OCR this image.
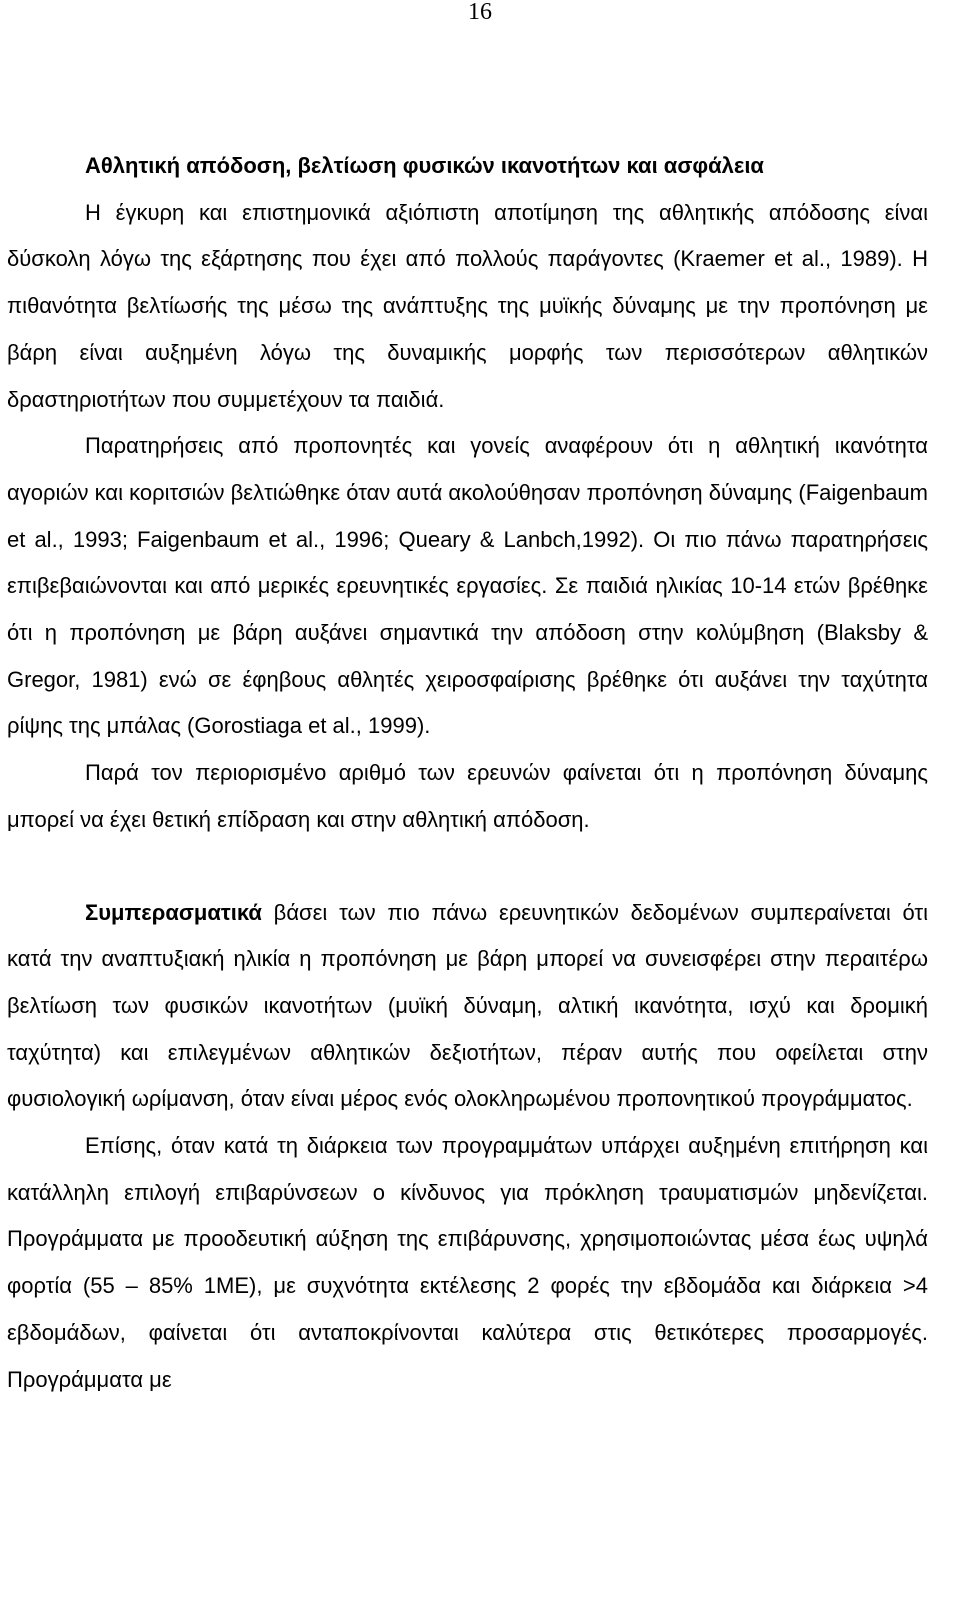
16

Αθλητική απόδοση, βελτίωση φυσικών ικανοτήτων και ασφάλεια

Η έγκυρη και επιστημονικά αξιόπιστη αποτίμηση της αθλητικής απόδοσης είναι δύσκολη λόγω της εξάρτησης που έχει από πολλούς παράγοντες (Kraemer et al., 1989). Η πιθανότητα βελτίωσής της μέσω της ανάπτυξης της μυϊκής δύναμης με την προπόνηση με βάρη είναι αυξημένη λόγω της δυναμικής μορφής των περισσότερων αθλητικών δραστηριοτήτων που συμμετέχουν τα παιδιά.

Παρατηρήσεις από προπονητές και γονείς αναφέρουν ότι η αθλητική ικανότητα αγοριών και κοριτσιών βελτιώθηκε όταν αυτά ακολούθησαν προπόνηση δύναμης (Faigenbaum et al., 1993; Faigenbaum et al., 1996; Queary & Lanbch,1992). Οι πιο πάνω παρατηρήσεις επιβεβαιώνονται και από μερικές ερευνητικές εργασίες. Σε παιδιά ηλικίας 10-14 ετών βρέθηκε ότι η προπόνηση με βάρη αυξάνει σημαντικά την απόδοση στην κολύμβηση (Blaksby & Gregor, 1981) ενώ σε έφηβους αθλητές χειροσφαίρισης βρέθηκε ότι αυξάνει την ταχύτητα ρίψης της μπάλας (Gorostiaga et al., 1999).

Παρά τον περιορισμένο αριθμό των ερευνών φαίνεται ότι η προπόνηση δύναμης μπορεί να έχει θετική επίδραση και στην αθλητική απόδοση.

Συμπερασματικά βάσει των πιο πάνω ερευνητικών δεδομένων συμπεραίνεται ότι κατά την αναπτυξιακή ηλικία η προπόνηση με βάρη μπορεί να συνεισφέρει στην περαιτέρω βελτίωση των φυσικών ικανοτήτων (μυϊκή δύναμη, αλτική ικανότητα, ισχύ και δρομική ταχύτητα) και επιλεγμένων αθλητικών δεξιοτήτων, πέραν αυτής που οφείλεται στην φυσιολογική ωρίμανση, όταν είναι μέρος ενός ολοκληρωμένου προπονητικού προγράμματος.

Επίσης, όταν κατά τη διάρκεια των προγραμμάτων υπάρχει αυξημένη επιτήρηση και κατάλληλη επιλογή επιβαρύνσεων ο κίνδυνος για πρόκληση τραυματισμών μηδενίζεται. Προγράμματα με προοδευτική αύξηση της επιβάρυνσης, χρησιμοποιώντας μέσα έως υψηλά φορτία (55 – 85% 1ΜΕ), με συχνότητα εκτέλεσης 2 φορές την εβδομάδα και διάρκεια >4 εβδομάδων, φαίνεται ότι ανταποκρίνονται καλύτερα στις θετικότερες προσαρμογές. Προγράμματα με
